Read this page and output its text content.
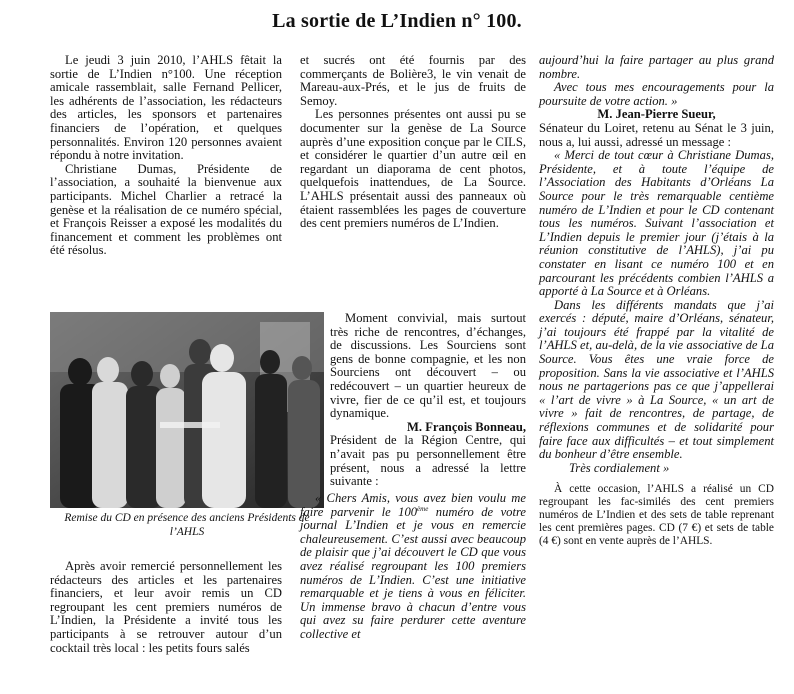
La sortie de L’Indien n° 100.

Le jeudi 3 juin 2010, l’AHLS fêtait la sortie de L’Indien n°100. Une réception amicale rassemblait, salle Fernand Pellicer, les adhérents de l’association, les rédacteurs des articles, les sponsors et partenaires financiers de l’opération, et quelques personnalités. Environ 120 personnes avaient répondu à notre invitation.

Christiane Dumas, Présidente de l’association, a souhaité la bienvenue aux participants. Michel Charlier a retracé la genèse et la réalisation de ce numéro spécial, et François Reisser a exposé les modalités du financement et comment les problèmes ont été résolus.

Remise du CD en présence des anciens Présidents de l’AHLS

Après avoir remercié personnellement les rédacteurs des articles et les partenaires financiers, et leur avoir remis un CD regroupant les cent premiers numéros de L’Indien, la Présidente a invité tous les participants à se retrouver autour d’un cocktail très local : les petits fours salés

et sucrés ont été fournis par des commerçants de Bolière3, le vin venait de Mareau-aux-Prés, et le jus de fruits de Semoy.

Les personnes présentes ont aussi pu se documenter sur la genèse de La Source auprès d’une exposition conçue par le CILS, et considérer le quartier d’un autre œil en regardant un diaporama de cent photos, quelquefois inattendues, de La Source. L’AHLS présentait aussi des panneaux où étaient rassemblées les pages de couverture des cent premiers numéros de L’Indien.

Moment convivial, mais surtout très riche de rencontres, d’échanges, de discussions. Les Sourciens sont gens de bonne compagnie, et les non Sourciens ont découvert – ou redécouvert – un quartier heureux de vivre, fier de ce qu’il est, et toujours dynamique.

M. François Bonneau,

Président de la Région Centre, qui n’avait pas pu personnellement être présent, nous a adressé la lettre suivante :

« Chers Amis, vous avez bien voulu me faire parvenir le 100ème numéro de votre journal L’Indien et je vous en remercie chaleureusement. C’est aussi avec beaucoup de plaisir que j’ai découvert le CD que vous avez réalisé regroupant les 100 premiers numéros de L’Indien. C’est une initiative remarquable et je tiens à vous en féliciter. Un immense bravo à chacun d’entre vous qui avez su faire perdurer cette aventure collective et

aujourd’hui la faire partager au plus grand nombre.

Avec tous mes encouragements pour la poursuite de votre action. »

M. Jean-Pierre Sueur,

Sénateur du Loiret, retenu au Sénat le 3 juin, nous a, lui aussi, adressé un message :

« Merci de tout cœur à Christiane Dumas, Présidente, et à toute l’équipe de l’Association des Habitants d’Orléans La Source pour le très remarquable centième numéro de L’Indien et pour le CD contenant tous les numéros. Suivant l’association et L’Indien depuis le premier jour (j’étais à la réunion constitutive de l’AHLS), j’ai pu constater en lisant ce numéro 100 et en parcourant les précédents combien l’AHLS a apporté à La Source et à Orléans.

Dans les différents mandats que j’ai exercés : député, maire d’Orléans, sénateur, j’ai toujours été frappé par la vitalité de l’AHLS et, au-delà, de la vie associative de La Source. Vous êtes une vraie force de proposition. Sans la vie associative et l’AHLS nous ne partagerions pas ce que j’appellerai « l’art de vivre » à La Source, « un art de vivre » fait de rencontres, de partage, de réflexions communes et de solidarité pour faire face aux difficultés – et tout simplement du bonheur d’être ensemble.

Très cordialement »

À cette occasion, l’AHLS a réalisé un CD regroupant les fac-similés des cent premiers numéros de L’Indien et des sets de table reprenant les cent premières pages. CD (7 €) et sets de table (4 €) sont en vente auprès de l’AHLS.
